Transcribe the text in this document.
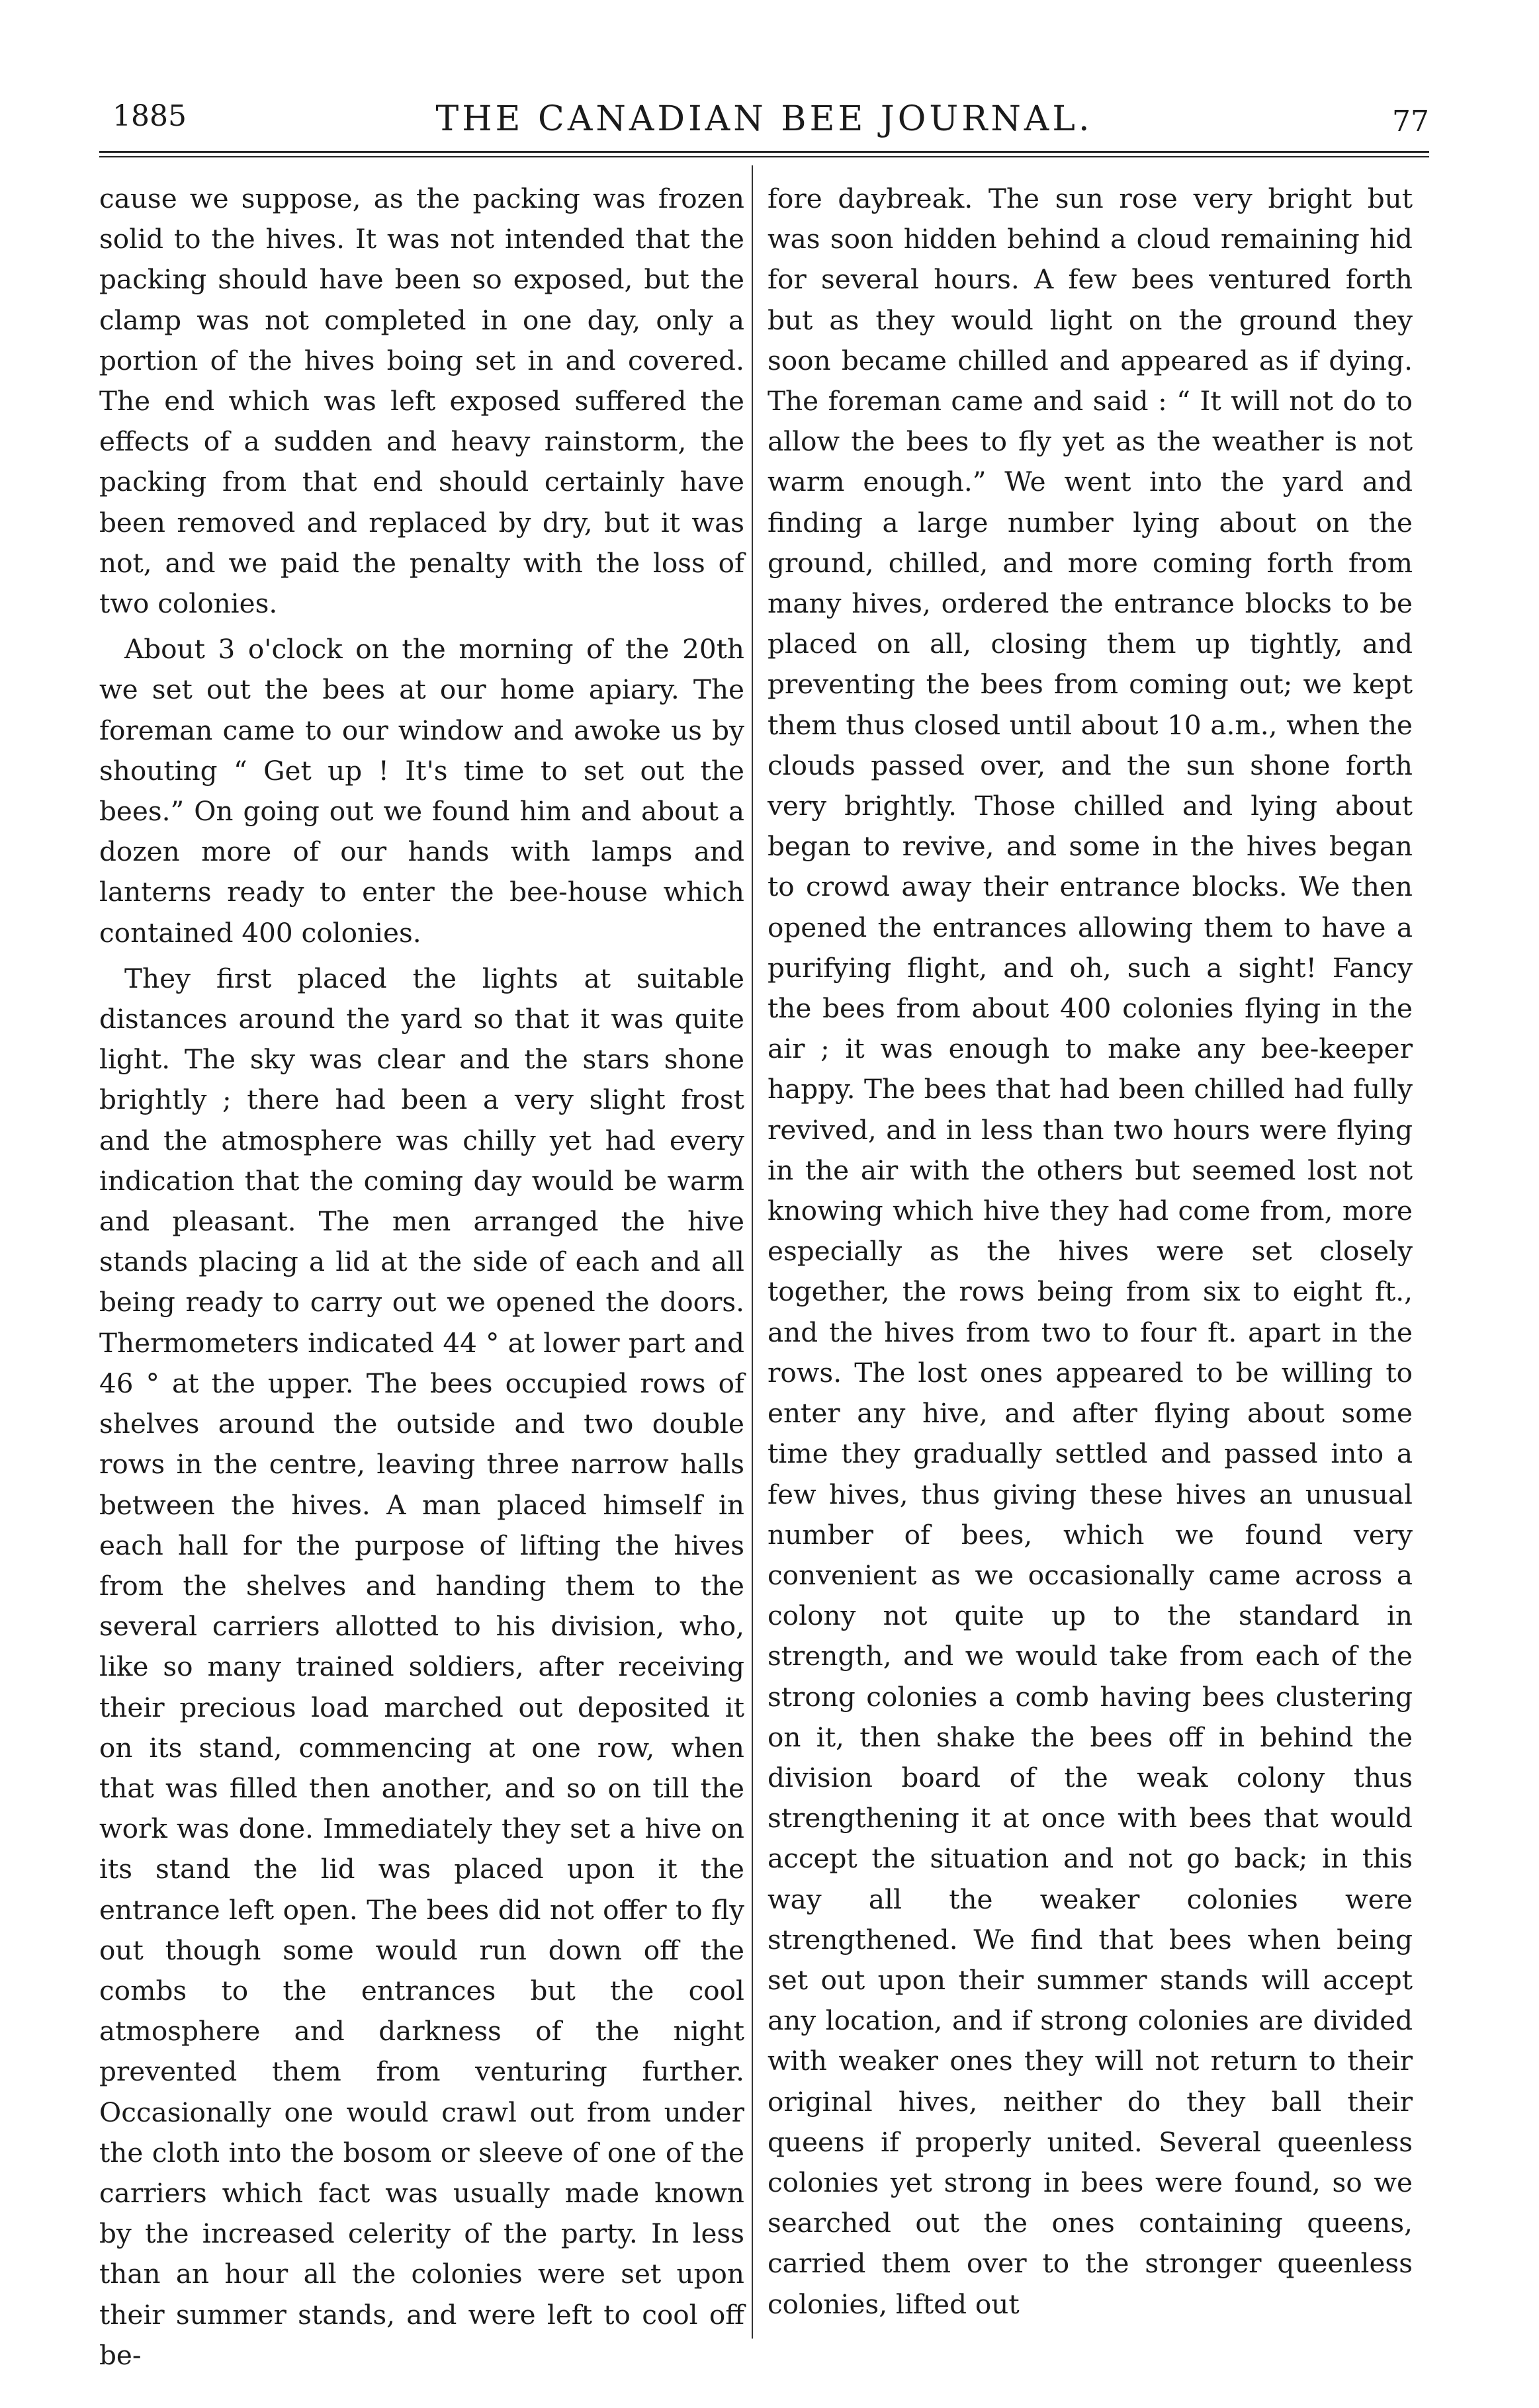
1885	THE CANADIAN BEE JOURNAL.	77

cause we suppose, as the packing was frozen solid to the hives. It was not intended that the packing should have been so exposed, but the clamp was not completed in one day, only a portion of the hives boing set in and covered. The end which was left exposed suffered the effects of a sudden and heavy rainstorm, the packing from that end should certainly have been removed and replaced by dry, but it was not, and we paid the penalty with the loss of two colonies.

About 3 o'clock on the morning of the 20th we set out the bees at our home apiary. The foreman came to our window and awoke us by shouting “ Get up ! It's time to set out the bees.” On going out we found him and about a dozen more of our hands with lamps and lanterns ready to enter the bee-house which contained 400 colonies.

They first placed the lights at suitable distances around the yard so that it was quite light. The sky was clear and the stars shone brightly ; there had been a very slight frost and the atmosphere was chilly yet had every indication that the coming day would be warm and pleasant. The men arranged the hive stands placing a lid at the side of each and all being ready to carry out we opened the doors. Thermometers indicated 44 ° at lower part and 46 ° at the upper. The bees occupied rows of shelves around the outside and two double rows in the centre, leaving three narrow halls between the hives. A man placed himself in each hall for the purpose of lifting the hives from the shelves and handing them to the several carriers allotted to his division, who, like so many trained soldiers, after receiving their precious load marched out deposited it on its stand, commencing at one row, when that was filled then another, and so on till the work was done. Immediately they set a hive on its stand the lid was placed upon it the entrance left open. The bees did not offer to fly out though some would run down off the combs to the entrances but the cool atmosphere and darkness of the night prevented them from venturing further. Occasionally one would crawl out from under the cloth into the bosom or sleeve of one of the carriers which fact was usually made known by the increased celerity of the party. In less than an hour all the colonies were set upon their summer stands, and were left to cool off be-

fore daybreak. The sun rose very bright but was soon hidden behind a cloud remaining hid for several hours. A few bees ventured forth but as they would light on the ground they soon became chilled and appeared as if dying. The foreman came and said : “ It will not do to allow the bees to fly yet as the weather is not warm enough.” We went into the yard and finding a large number lying about on the ground, chilled, and more coming forth from many hives, ordered the entrance blocks to be placed on all, closing them up tightly, and preventing the bees from coming out; we kept them thus closed until about 10 a.m., when the clouds passed over, and the sun shone forth very brightly. Those chilled and lying about began to revive, and some in the hives began to crowd away their entrance blocks. We then opened the entrances allowing them to have a purifying flight, and oh, such a sight! Fancy the bees from about 400 colonies flying in the air ; it was enough to make any bee-keeper happy. The bees that had been chilled had fully revived, and in less than two hours were flying in the air with the others but seemed lost not knowing which hive they had come from, more especially as the hives were set closely together, the rows being from six to eight ft., and the hives from two to four ft. apart in the rows. The lost ones appeared to be willing to enter any hive, and after flying about some time they gradually settled and passed into a few hives, thus giving these hives an unusual number of bees, which we found very convenient as we occasionally came across a colony not quite up to the standard in strength, and we would take from each of the strong colonies a comb having bees clustering on it, then shake the bees off in behind the division board of the weak colony thus strengthening it at once with bees that would accept the situation and not go back; in this way all the weaker colonies were strengthened. We find that bees when being set out upon their summer stands will accept any location, and if strong colonies are divided with weaker ones they will not return to their original hives, neither do they ball their queens if properly united. Several queenless colonies yet strong in bees were found, so we searched out the ones containing queens, carried them over to the stronger queenless colonies, lifted out
